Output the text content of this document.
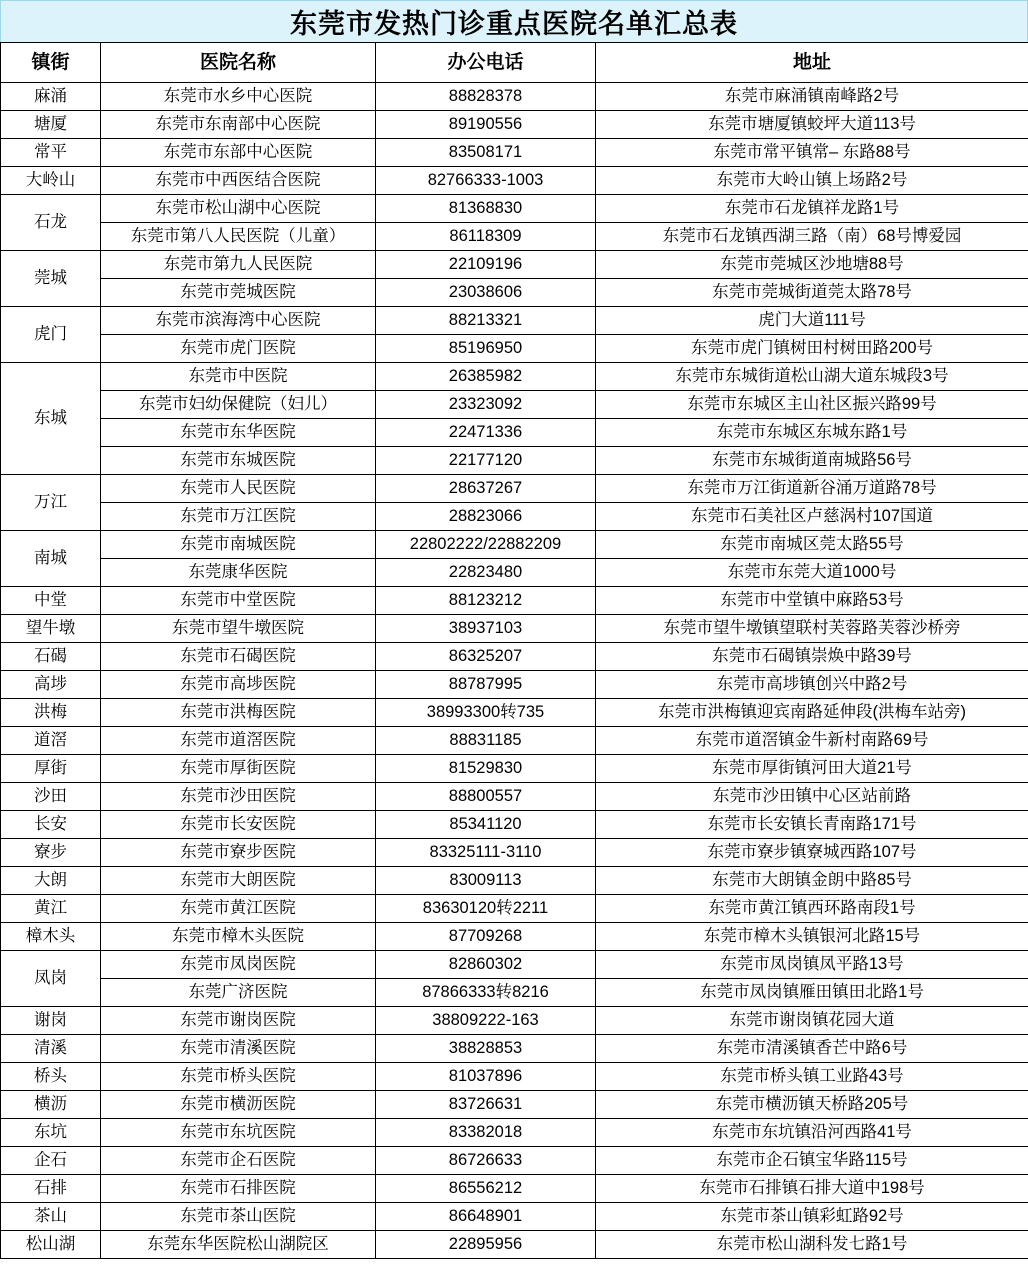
东莞市发热门诊重点医院名单汇总表
镇街	医院名称	办公电话	地址
麻涌	东莞市水乡中心医院	88828378	东莞市麻涌镇南峰路2号
塘厦	东莞市东南部中心医院	89190556	东莞市塘厦镇蛟坪大道113号
常平	东莞市东部中心医院	83508171	东莞市常平镇常– 东路88号
大岭山	东莞市中西医结合医院	82766333-1003	东莞市大岭山镇上场路2号
石龙	东莞市松山湖中心医院	81368830	东莞市石龙镇祥龙路1号
	东莞市第八人民医院（儿童）	86118309	东莞市石龙镇西湖三路（南）68号博爱园
莞城	东莞市第九人民医院	22109196	东莞市莞城区沙地塘88号
	东莞市莞城医院	23038606	东莞市莞城街道莞太路78号
虎门	东莞市滨海湾中心医院	88213321	虎门大道111号
	东莞市虎门医院	85196950	东莞市虎门镇树田村树田路200号
东城	东莞市中医院	26385982	东莞市东城街道松山湖大道东城段3号
	东莞市妇幼保健院（妇儿）	23323092	东莞市东城区主山社区振兴路99号
	东莞市东华医院	22471336	东莞市东城区东城东路1号
	东莞市东城医院	22177120	东莞市东城街道南城路56号
万江	东莞市人民医院	28637267	东莞市万江街道新谷涌万道路78号
	东莞市万江医院	28823066	东莞市石美社区卢慈涡村107国道
南城	东莞市南城医院	22802222/22882209	东莞市南城区莞太路55号
	东莞康华医院	22823480	东莞市东莞大道1000号
中堂	东莞市中堂医院	88123212	东莞市中堂镇中麻路53号
望牛墩	东莞市望牛墩医院	38937103	东莞市望牛墩镇望联村芙蓉路芙蓉沙桥旁
石碣	东莞市石碣医院	86325207	东莞市石碣镇崇焕中路39号
高埗	东莞市高埗医院	88787995	东莞市高埗镇创兴中路2号
洪梅	东莞市洪梅医院	38993300转735	东莞市洪梅镇迎宾南路延伸段(洪梅车站旁)
道滘	东莞市道滘医院	88831185	东莞市道滘镇金牛新村南路69号
厚街	东莞市厚街医院	81529830	东莞市厚街镇河田大道21号
沙田	东莞市沙田医院	88800557	东莞市沙田镇中心区站前路
长安	东莞市长安医院	85341120	东莞市长安镇长青南路171号
寮步	东莞市寮步医院	83325111-3110	东莞市寮步镇寮城西路107号
大朗	东莞市大朗医院	83009113	东莞市大朗镇金朗中路85号
黄江	东莞市黄江医院	83630120转2211	东莞市黄江镇西环路南段1号
樟木头	东莞市樟木头医院	87709268	东莞市樟木头镇银河北路15号
凤岗	东莞市凤岗医院	82860302	东莞市凤岗镇凤平路13号
	东莞广济医院	87866333转8216	东莞市凤岗镇雁田镇田北路1号
谢岗	东莞市谢岗医院	38809222-163	东莞市谢岗镇花园大道
清溪	东莞市清溪医院	38828853	东莞市清溪镇香芒中路6号
桥头	东莞市桥头医院	81037896	东莞市桥头镇工业路43号
横沥	东莞市横沥医院	83726631	东莞市横沥镇天桥路205号
东坑	东莞市东坑医院	83382018	东莞市东坑镇沿河西路41号
企石	东莞市企石医院	86726633	东莞市企石镇宝华路115号
石排	东莞市石排医院	86556212	东莞市石排镇石排大道中198号
茶山	东莞市茶山医院	86648901	东莞市茶山镇彩虹路92号
松山湖	东莞东华医院松山湖院区	22895956	东莞市松山湖科发七路1号
